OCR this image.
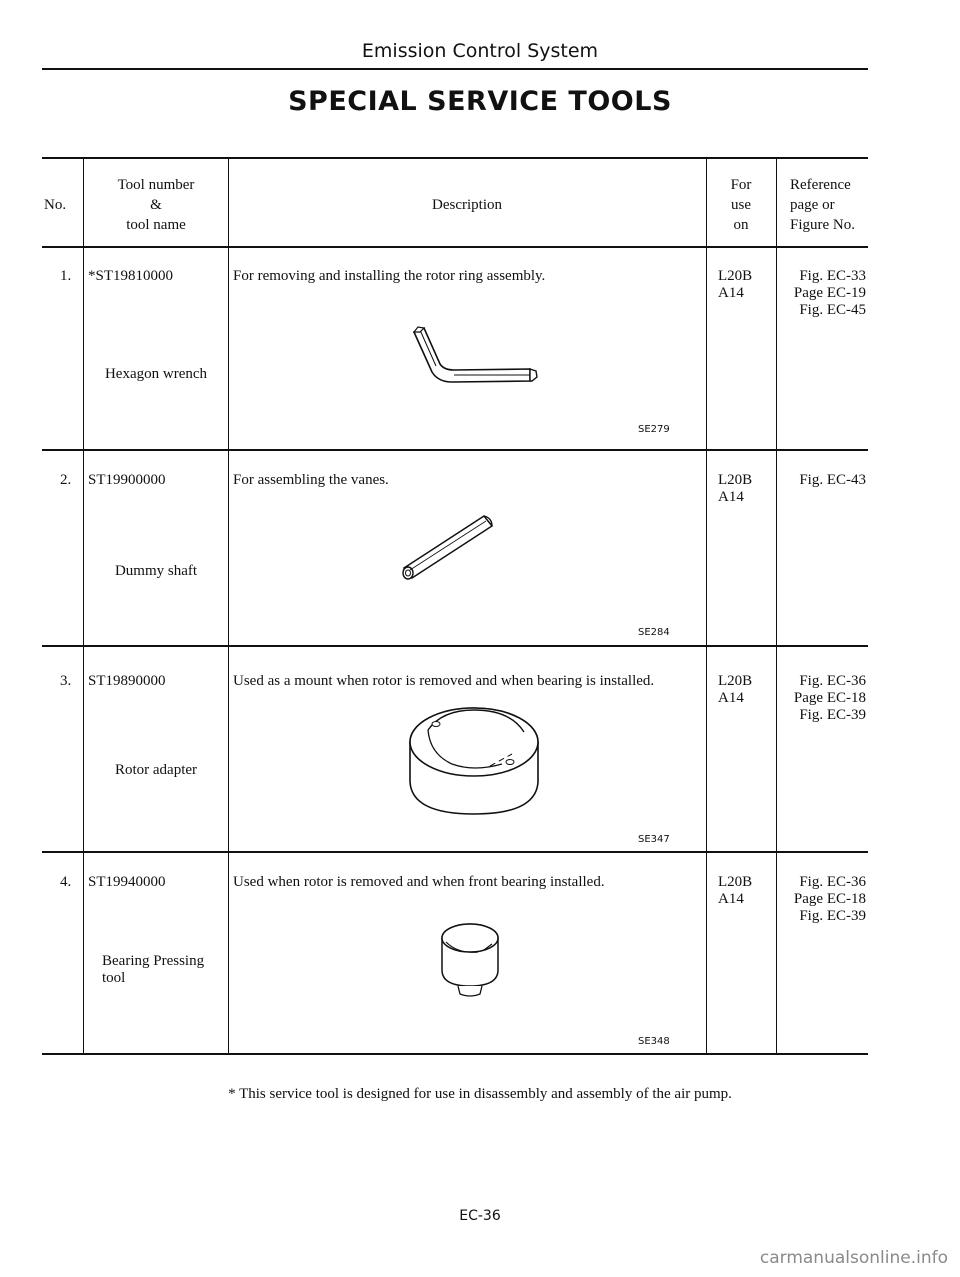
Emission Control System
SPECIAL SERVICE TOOLS
No.
Tool number
&
tool name
Description
For
use
on
Reference
page or
Figure No.
1. *ST19810000
Hexagon wrench
For removing and installing the rotor ring assembly.
SE279
L20B
A14
Fig. EC-33
Page EC-19
Fig. EC-45
2. ST19900000
Dummy shaft
For assembling the vanes.
SE284
L20B
A14
Fig. EC-43
3. ST19890000
Rotor adapter
Used as a mount when rotor is removed and when bearing is installed.
SE347
L20B
A14
Fig. EC-36
Page EC-18
Fig. EC-39
4. ST19940000
Bearing Pressing
tool
Used when rotor is removed and when front bearing installed.
SE348
L20B
A14
Fig. EC-36
Page EC-18
Fig. EC-39
* This service tool is designed for use in disassembly and assembly of the air pump.
EC-36
carmanualsonline.info
